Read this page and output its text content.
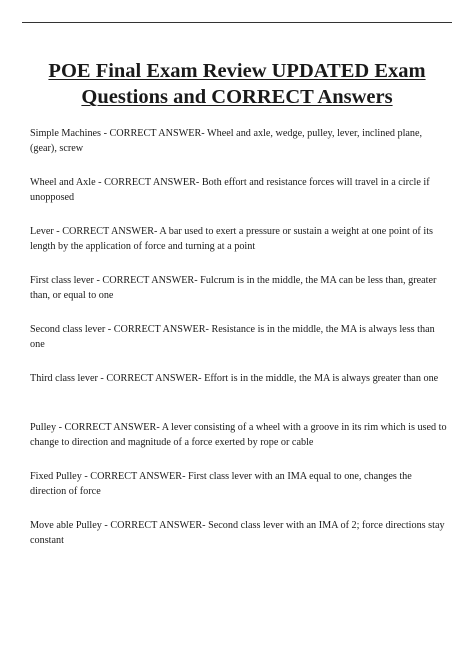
POE Final Exam Review UPDATED Exam Questions and CORRECT Answers

Simple Machines - CORRECT ANSWER- Wheel and axle, wedge, pulley, lever, inclined plane, (gear), screw

Wheel and Axle - CORRECT ANSWER- Both effort and resistance forces will travel in a circle if unopposed

Lever - CORRECT ANSWER- A bar used to exert a pressure or sustain a weight at one point of its length by the application of force and turning at a point

First class lever - CORRECT ANSWER- Fulcrum is in the middle, the MA can be less than, greater than, or equal to one

Second class lever - CORRECT ANSWER- Resistance is in the middle, the MA is always less than one

Third class lever - CORRECT ANSWER- Effort is in the middle, the MA is always greater than one

Pulley - CORRECT ANSWER- A lever consisting of a wheel with a groove in its rim which is used to change to direction and magnitude of a force exerted by rope or cable

Fixed Pulley - CORRECT ANSWER- First class lever with an IMA equal to one, changes the direction of force

Move able Pulley - CORRECT ANSWER- Second class lever with an IMA of 2; force directions stay constant
